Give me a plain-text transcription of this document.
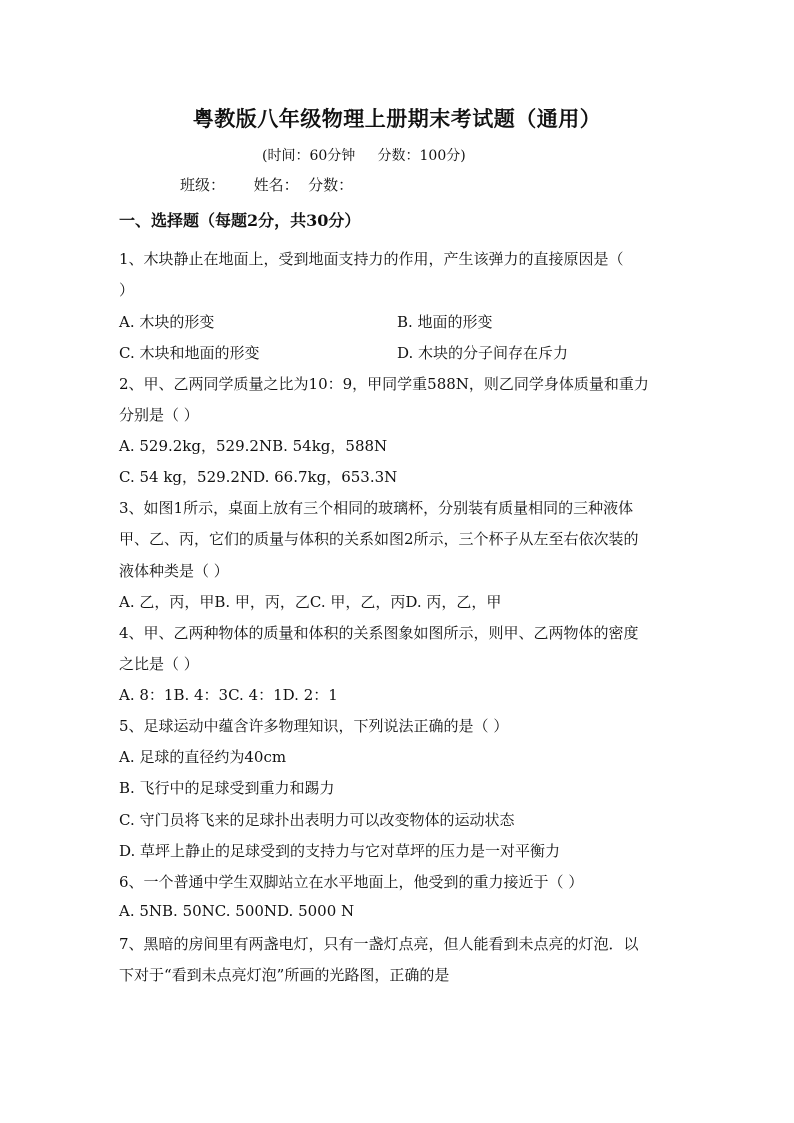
粤教版八年级物理上册期末考试题（通用）
(时间：60分钟     分数：100分)
班级：      姓名：  分数：
一、选择题（每题2分，共30分）
1、木块静止在地面上，受到地面支持力的作用，产生该弹力的直接原因是（
）
A. 木块的形变	B. 地面的形变
C. 木块和地面的形变	D. 木块的分子间存在斥力
2、甲、乙两同学质量之比为10：9，甲同学重588N，则乙同学身体质量和重力
分别是（ ）
A. 529.2kg，529.2NB. 54kg，588N
C. 54 kg，529.2ND. 66.7kg，653.3N
3、如图1所示，桌面上放有三个相同的玻璃杯，分别装有质量相同的三种液体
甲、乙、丙，它们的质量与体积的关系如图2所示，三个杯子从左至右依次装的
液体种类是（ ）
A. 乙，丙，甲B. 甲，丙，乙C. 甲，乙，丙D. 丙，乙，甲
4、甲、乙两种物体的质量和体积的关系图象如图所示，则甲、乙两物体的密度
之比是（ ）
A. 8：1B. 4：3C. 4：1D. 2：1
5、足球运动中蕴含许多物理知识，下列说法正确的是（ ）
A. 足球的直径约为40cm
B. 飞行中的足球受到重力和踢力
C. 守门员将飞来的足球扑出表明力可以改变物体的运动状态
D. 草坪上静止的足球受到的支持力与它对草坪的压力是一对平衡力
6、一个普通中学生双脚站立在水平地面上，他受到的重力接近于（ ）
A. 5NB. 50NC. 500ND. 5000 N
7、黑暗的房间里有两盏电灯，只有一盏灯点亮，但人能看到未点亮的灯泡．以
下对于“看到未点亮灯泡”所画的光路图，正确的是
